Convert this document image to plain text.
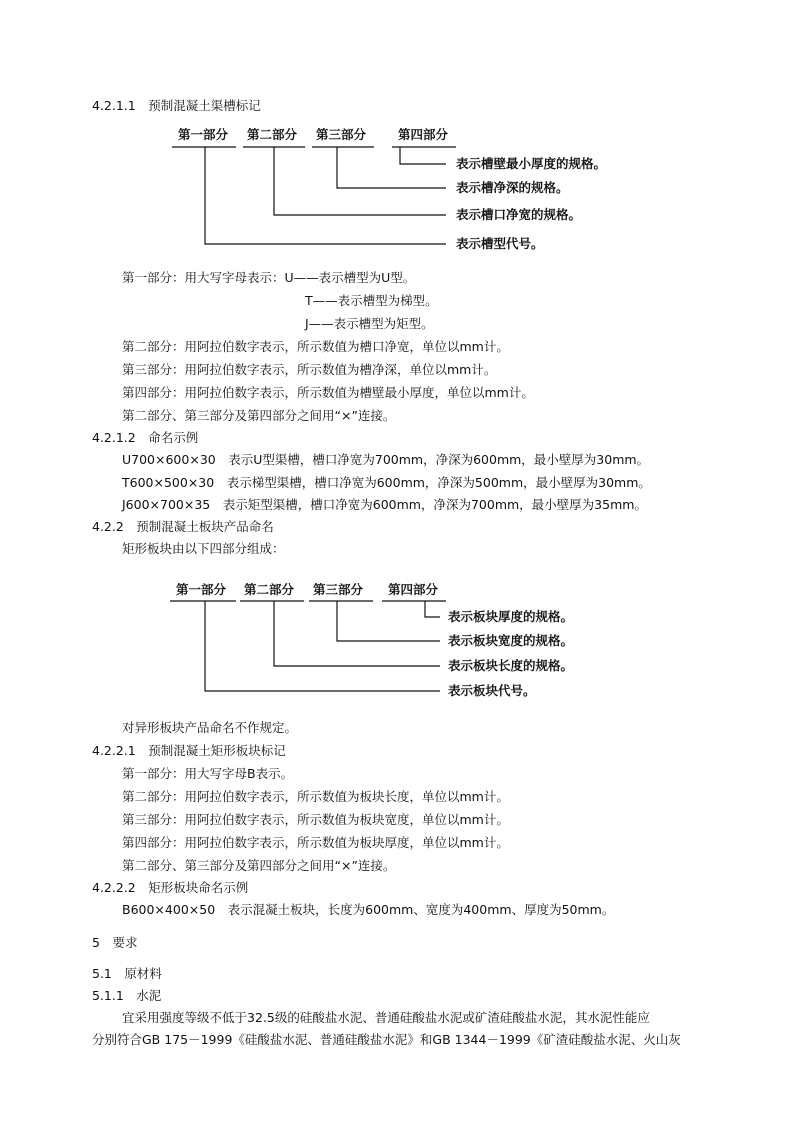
4.2.1.1　预制混凝土渠槽标记
第一部分 第二部分 第三部分	第四部分
表示槽壁最小厚度的规格。
表示槽净深的规格。
表示槽口净宽的规格。
表示槽型代号。
第一部分 第二部分 第三部分 第四部分
表示板块厚度的规格。
表示板块宽度的规格。
表示板块长度的规格。
表示板块代号。
第一部分：用大写字母表示：U——表示槽型为U型。
T——表示槽型为梯型。
J——表示槽型为矩型。
第二部分：用阿拉伯数字表示，所示数值为槽口净宽，单位以mm计。
第三部分：用阿拉伯数字表示，所示数值为槽净深，单位以mm计。
第四部分：用阿拉伯数字表示，所示数值为槽壁最小厚度，单位以mm计。
第二部分、第三部分及第四部分之间用“×”连接。
4.2.1.2　命名示例
U700×600×30　表示U型渠槽，槽口净宽为700mm，净深为600mm，最小壁厚为30mm。
T600×500×30　表示梯型渠槽，槽口净宽为600mm，净深为500mm，最小壁厚为30mm。
J600×700×35　表示矩型渠槽，槽口净宽为600mm，净深为700mm，最小壁厚为35mm。
4.2.2　预制混凝土板块产品命名
矩形板块由以下四部分组成：
对异形板块产品命名不作规定。
4.2.2.1　预制混凝土矩形板块标记
第一部分：用大写字母B表示。
第二部分：用阿拉伯数字表示，所示数值为板块长度，单位以mm计。
第三部分：用阿拉伯数字表示，所示数值为板块宽度，单位以mm计。
第四部分：用阿拉伯数字表示，所示数值为板块厚度，单位以mm计。
第二部分、第三部分及第四部分之间用“×”连接。
4.2.2.2　矩形板块命名示例
B600×400×50　表示混凝土板块，长度为600mm、宽度为400mm、厚度为50mm。
5　要求
5.1　原材料
5.1.1　水泥
宜采用强度等级不低于32.5级的硅酸盐水泥、普通硅酸盐水泥或矿渣硅酸盐水泥，其水泥性能应
分别符合GB 175－1999《硅酸盐水泥、普通硅酸盐水泥》和GB 1344－1999《矿渣硅酸盐水泥、火山灰
